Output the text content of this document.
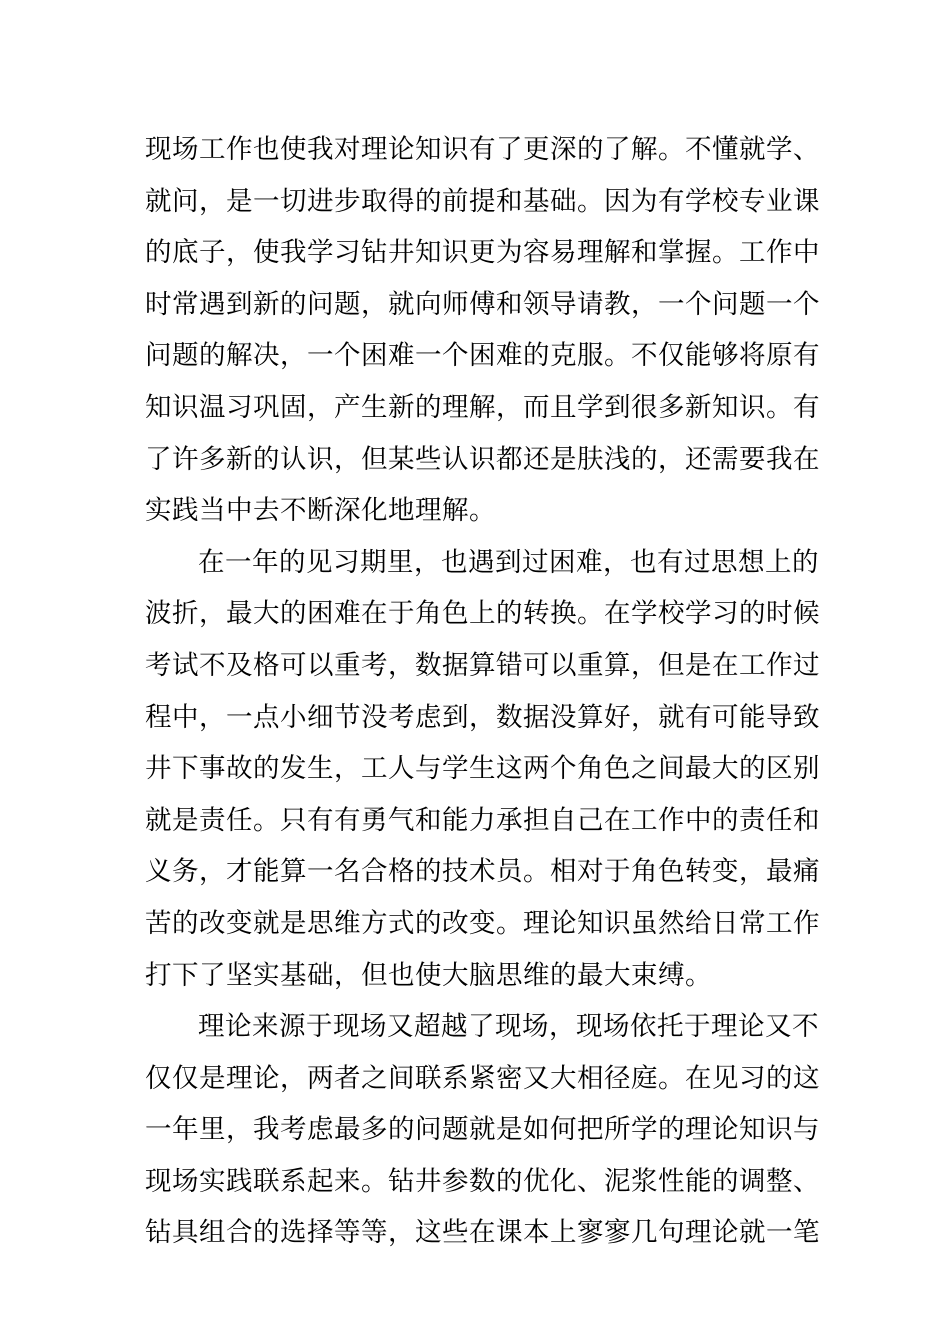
现场工作也使我对理论知识有了更深的了解。不懂就学、
就问，是一切进步取得的前提和基础。因为有学校专业课
的底子，使我学习钻井知识更为容易理解和掌握。工作中
时常遇到新的问题，就向师傅和领导请教，一个问题一个
问题的解决，一个困难一个困难的克服。不仅能够将原有
知识温习巩固，产生新的理解，而且学到很多新知识。有
了许多新的认识，但某些认识都还是肤浅的，还需要我在
实践当中去不断深化地理解。
在一年的见习期里，也遇到过困难，也有过思想上的
波折，最大的困难在于角色上的转换。在学校学习的时候
考试不及格可以重考，数据算错可以重算，但是在工作过
程中，一点小细节没考虑到，数据没算好，就有可能导致
井下事故的发生，工人与学生这两个角色之间最大的区别
就是责任。只有有勇气和能力承担自己在工作中的责任和
义务，才能算一名合格的技术员。相对于角色转变，最痛
苦的改变就是思维方式的改变。理论知识虽然给日常工作
打下了坚实基础，但也使大脑思维的最大束缚。
理论来源于现场又超越了现场，现场依托于理论又不
仅仅是理论，两者之间联系紧密又大相径庭。在见习的这
一年里，我考虑最多的问题就是如何把所学的理论知识与
现场实践联系起来。钻井参数的优化、泥浆性能的调整、
钻具组合的选择等等，这些在课本上寥寥几句理论就一笔
